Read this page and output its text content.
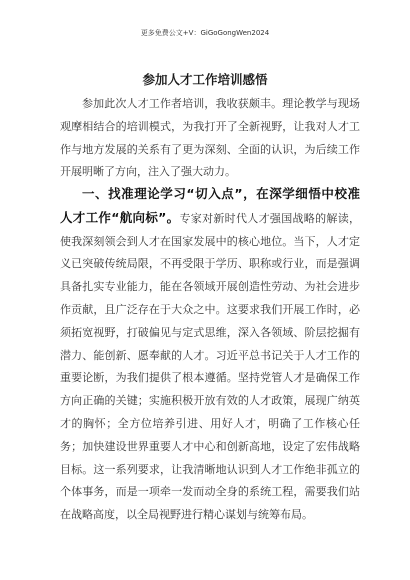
更多免费公文+V：GiGoGongWen2024
参加人才工作培训感悟
参加此次人才工作者培训，我收获颇丰。理论教学与现场观摩相结合的培训模式，为我打开了全新视野，让我对人才工作与地方发展的关系有了更为深刻、全面的认识，为后续工作开展明晰了方向，注入了强大动力。
一、找准理论学习“切入点”，在深学细悟中校准人才工作“航向标”。专家对新时代人才强国战略的解读，使我深刻领会到人才在国家发展中的核心地位。当下，人才定义已突破传统局限，不再受限于学历、职称或行业，而是强调具备扎实专业能力，能在各领域开展创造性劳动、为社会进步作贡献，且广泛存在于大众之中。这要求我们开展工作时，必须拓宽视野，打破偏见与定式思维，深入各领域、阶层挖掘有潜力、能创新、愿奉献的人才。习近平总书记关于人才工作的重要论断，为我们提供了根本遵循。坚持党管人才是确保工作方向正确的关键；实施积极开放有效的人才政策，展现广纳英才的胸怀；全方位培养引进、用好人才，明确了工作核心任务；加快建设世界重要人才中心和创新高地，设定了宏伟战略目标。这一系列要求，让我清晰地认识到人才工作绝非孤立的个体事务，而是一项牵一发而动全身的系统工程，需要我们站在战略高度，以全局视野进行精心谋划与统筹布局。
